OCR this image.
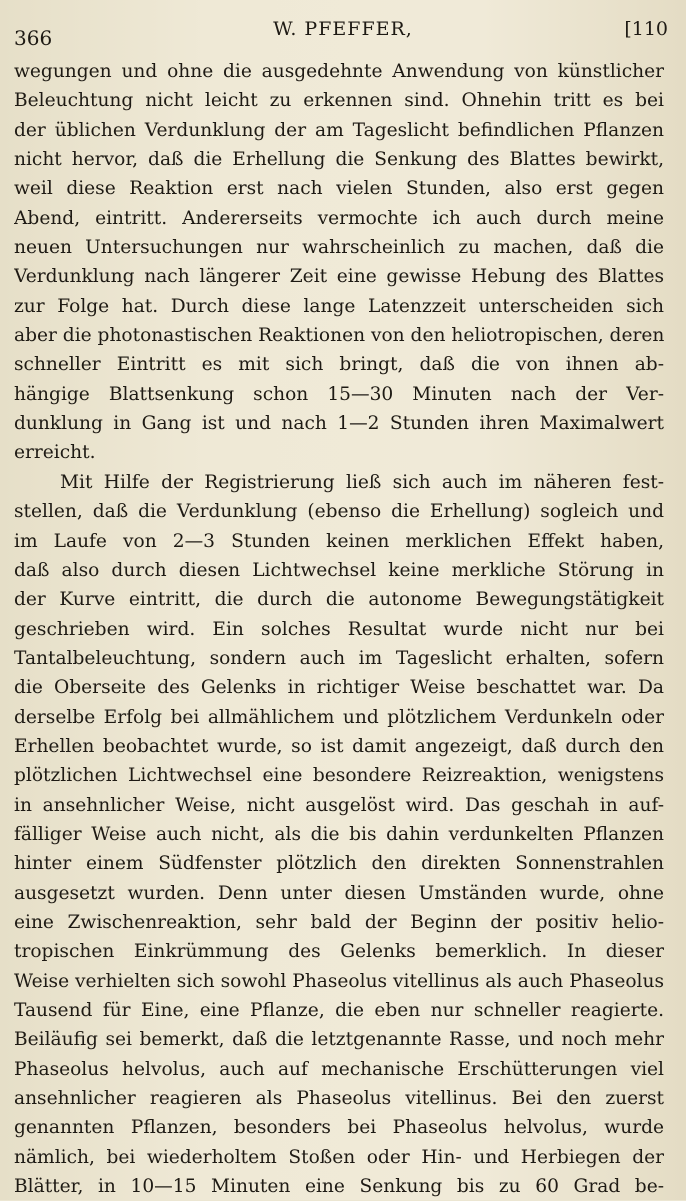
366	W. PFEFFER,	[110
wegungen und ohne die ausgedehnte Anwendung von künstlicher
Beleuchtung nicht leicht zu erkennen sind. Ohnehin tritt es bei
der üblichen Verdunklung der am Tageslicht befindlichen Pflanzen
nicht hervor, daß die Erhellung die Senkung des Blattes bewirkt,
weil diese Reaktion erst nach vielen Stunden, also erst gegen
Abend, eintritt. Andererseits vermochte ich auch durch meine
neuen Untersuchungen nur wahrscheinlich zu machen, daß die
Verdunklung nach längerer Zeit eine gewisse Hebung des Blattes
zur Folge hat. Durch diese lange Latenzzeit unterscheiden sich
aber die photonastischen Reaktionen von den heliotropischen, deren
schneller Eintritt es mit sich bringt, daß die von ihnen ab-
hängige Blattsenkung schon 15—30 Minuten nach der Ver-
dunklung in Gang ist und nach 1—2 Stunden ihren Maximalwert
erreicht.
Mit Hilfe der Registrierung ließ sich auch im näheren fest-
stellen, daß die Verdunklung (ebenso die Erhellung) sogleich und
im Laufe von 2—3 Stunden keinen merklichen Effekt haben,
daß also durch diesen Lichtwechsel keine merkliche Störung in
der Kurve eintritt, die durch die autonome Bewegungstätigkeit
geschrieben wird. Ein solches Resultat wurde nicht nur bei
Tantalbeleuchtung, sondern auch im Tageslicht erhalten, sofern
die Oberseite des Gelenks in richtiger Weise beschattet war. Da
derselbe Erfolg bei allmählichem und plötzlichem Verdunkeln oder
Erhellen beobachtet wurde, so ist damit angezeigt, daß durch den
plötzlichen Lichtwechsel eine besondere Reizreaktion, wenigstens
in ansehnlicher Weise, nicht ausgelöst wird. Das geschah in auf-
fälliger Weise auch nicht, als die bis dahin verdunkelten Pflanzen
hinter einem Südfenster plötzlich den direkten Sonnenstrahlen
ausgesetzt wurden. Denn unter diesen Umständen wurde, ohne
eine Zwischenreaktion, sehr bald der Beginn der positiv helio-
tropischen Einkrümmung des Gelenks bemerklich. In dieser
Weise verhielten sich sowohl Phaseolus vitellinus als auch Phaseolus
Tausend für Eine, eine Pflanze, die eben nur schneller reagierte.
Beiläufig sei bemerkt, daß die letztgenannte Rasse, und noch mehr
Phaseolus helvolus, auch auf mechanische Erschütterungen viel
ansehnlicher reagieren als Phaseolus vitellinus. Bei den zuerst
genannten Pflanzen, besonders bei Phaseolus helvolus, wurde
nämlich, bei wiederholtem Stoßen oder Hin- und Herbiegen der
Blätter, in 10—15 Minuten eine Senkung bis zu 60 Grad be-
